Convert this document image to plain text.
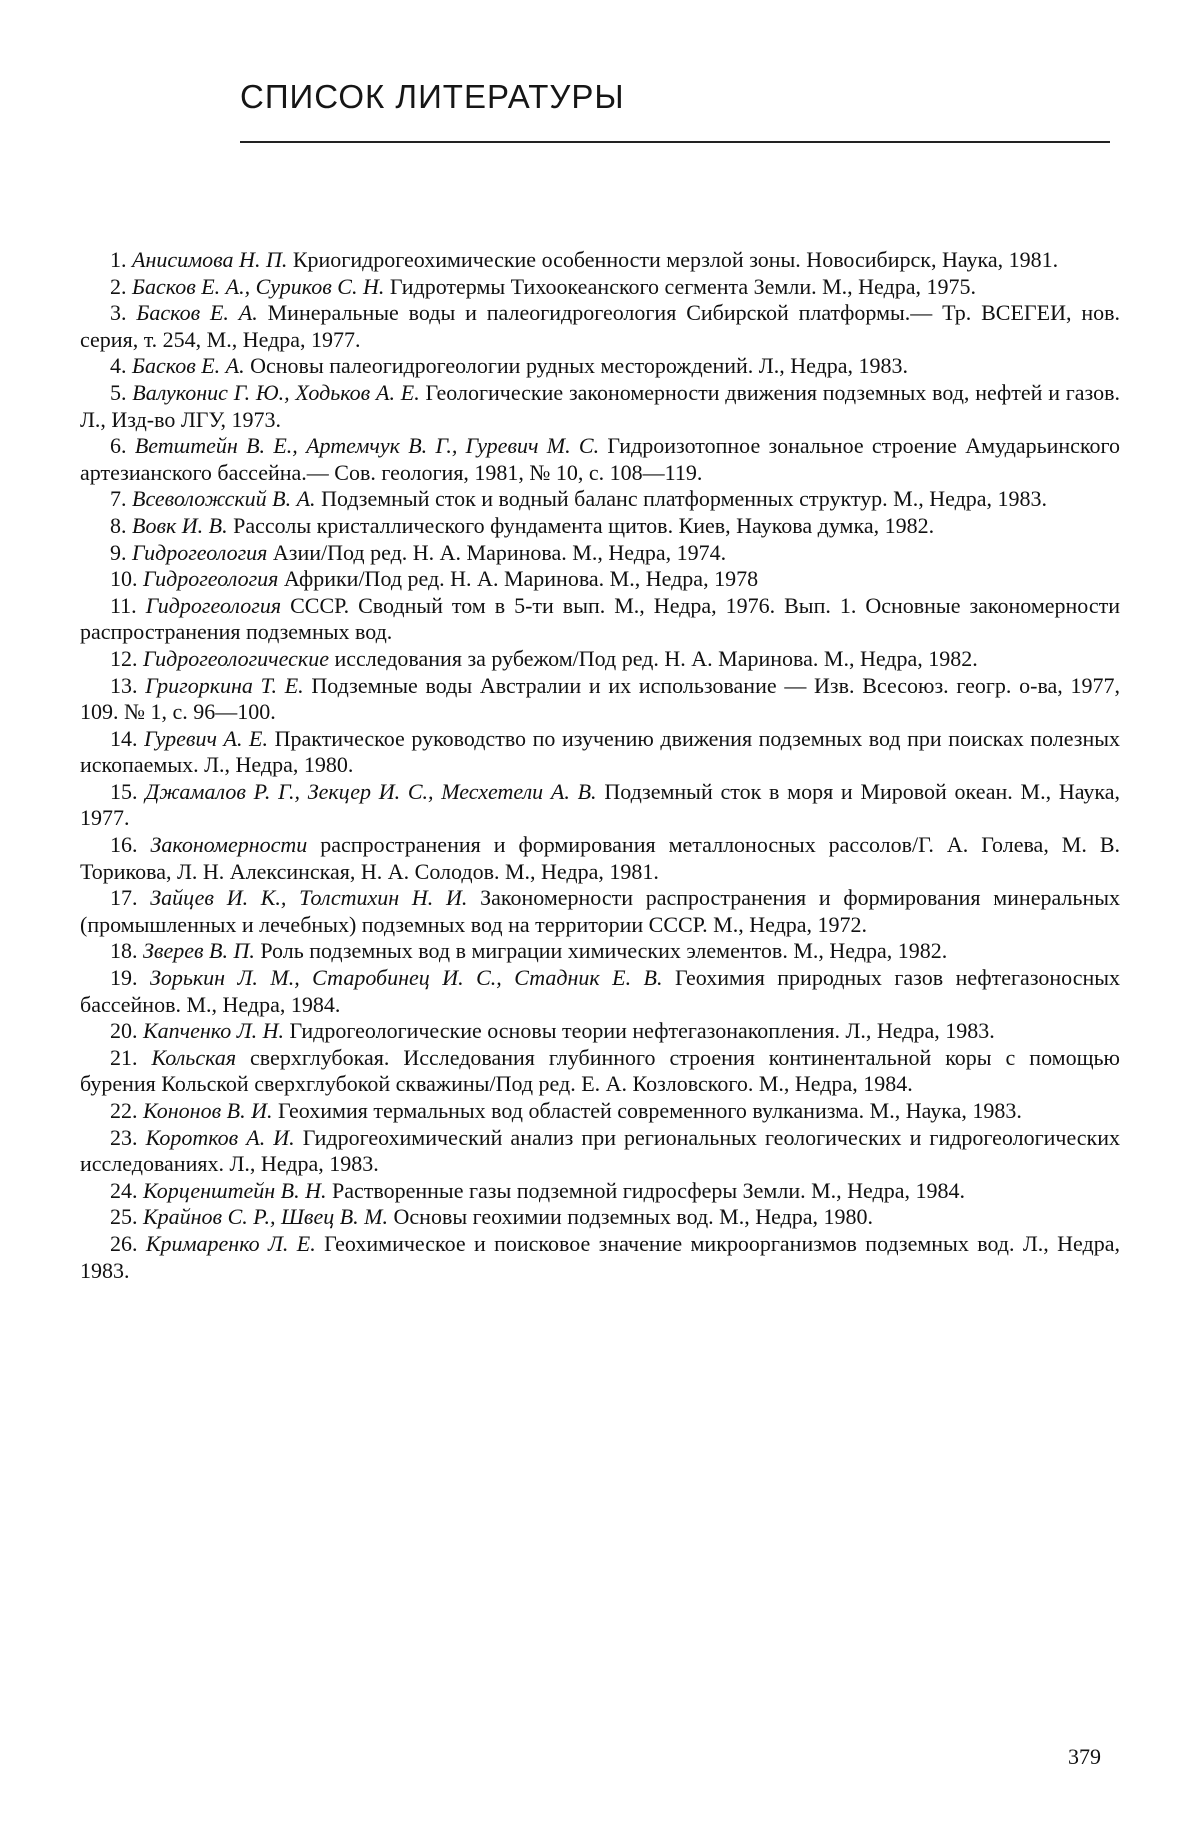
СПИСОК ЛИТЕРАТУРЫ

1. Анисимова Н. П. Криогидрогеохимические особенности мерзлой зоны. Новосибирск, Наука, 1981.

2. Басков Е. А., Суриков С. Н. Гидротермы Тихоокеанского сегмента Земли. М., Недра, 1975.

3. Басков Е. А. Минеральные воды и палеогидрогеология Сибирской платформы.— Тр. ВСЕГЕИ, нов. серия, т. 254, М., Недра, 1977.

4. Басков Е. А. Основы палеогидрогеологии рудных месторождений. Л., Недра, 1983.

5. Валуконис Г. Ю., Ходьков А. Е. Геологические закономерности движения подземных вод, нефтей и газов. Л., Изд-во ЛГУ, 1973.

6. Ветштейн В. Е., Артемчук В. Г., Гуревич М. С. Гидроизотопное зональное строение Амударьинского артезианского бассейна.— Сов. геология, 1981, № 10, с. 108—119.

7. Всеволожский В. А. Подземный сток и водный баланс платформенных структур. М., Недра, 1983.

8. Вовк И. В. Рассолы кристаллического фундамента щитов. Киев, Наукова думка, 1982.

9. Гидрогеология Азии/Под ред. Н. А. Маринова. М., Недра, 1974.

10. Гидрогеология Африки/Под ред. Н. А. Маринова. М., Недра, 1978

11. Гидрогеология СССР. Сводный том в 5-ти вып. М., Недра, 1976. Вып. 1. Основные закономерности распространения подземных вод.

12. Гидрогеологические исследования за рубежом/Под ред. Н. А. Маринова. М., Недра, 1982.

13. Григоркина Т. Е. Подземные воды Австралии и их использование — Изв. Всесоюз. геогр. о-ва, 1977, 109. № 1, с. 96—100.

14. Гуревич А. Е. Практическое руководство по изучению движения подземных вод при поисках полезных ископаемых. Л., Недра, 1980.

15. Джамалов Р. Г., Зекцер И. С., Месхетели А. В. Подземный сток в моря и Мировой океан. М., Наука, 1977.

16. Закономерности распространения и формирования металлоносных рассолов/Г. А. Голева, М. В. Торикова, Л. Н. Алексинская, Н. А. Солодов. М., Недра, 1981.

17. Зайцев И. К., Толстихин Н. И. Закономерности распространения и формирования минеральных (промышленных и лечебных) подземных вод на территории СССР. М., Недра, 1972.

18. Зверев В. П. Роль подземных вод в миграции химических элементов. М., Недра, 1982.

19. Зорькин Л. М., Старобинец И. С., Стадник Е. В. Геохимия природных газов нефтегазоносных бассейнов. М., Недра, 1984.

20. Капченко Л. Н. Гидрогеологические основы теории нефтегазонакопления. Л., Недра, 1983.

21. Кольская сверхглубокая. Исследования глубинного строения континентальной коры с помощью бурения Кольской сверхглубокой скважины/Под ред. Е. А. Козловского. М., Недра, 1984.

22. Кононов В. И. Геохимия термальных вод областей современного вулканизма. М., Наука, 1983.

23. Коротков А. И. Гидрогеохимический анализ при региональных геологических и гидрогеологических исследованиях. Л., Недра, 1983.

24. Корценштейн В. Н. Растворенные газы подземной гидросферы Земли. М., Недра, 1984.

25. Крайнов С. Р., Швец В. М. Основы геохимии подземных вод. М., Недра, 1980.

26. Кримаренко Л. Е. Геохимическое и поисковое значение микроорганизмов подземных вод. Л., Недра, 1983.

379
